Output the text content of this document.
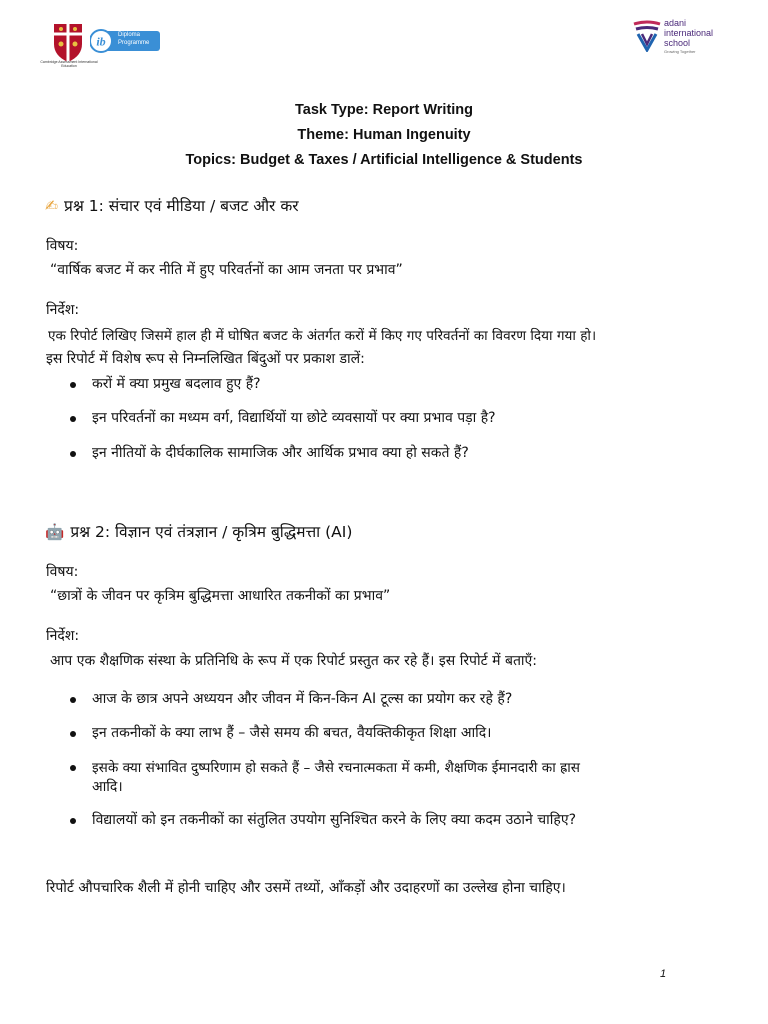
Cambridge Assessment International Education
ib Diploma Programme
adani
international
school
Growing Together
Task Type: Report Writing
Theme: Human Ingenuity
Topics: Budget & Taxes / Artificial Intelligence & Students
✍ प्रश्न 1: संचार एवं मीडिया / बजट और कर
विषय:
“वार्षिक बजट में कर नीति में हुए परिवर्तनों का आम जनता पर प्रभाव”
निर्देश:
एक रिपोर्ट लिखिए जिसमें हाल ही में घोषित बजट के अंतर्गत करों में किए गए परिवर्तनों का विवरण दिया गया हो।
इस रिपोर्ट में विशेष रूप से निम्नलिखित बिंदुओं पर प्रकाश डालें:
करों में क्या प्रमुख बदलाव हुए हैं?
इन परिवर्तनों का मध्यम वर्ग, विद्यार्थियों या छोटे व्यवसायों पर क्या प्रभाव पड़ा है?
इन नीतियों के दीर्घकालिक सामाजिक और आर्थिक प्रभाव क्या हो सकते हैं?
🤖 प्रश्न 2: विज्ञान एवं तंत्रज्ञान / कृत्रिम बुद्धिमत्ता (AI)
विषय:
“छात्रों के जीवन पर कृत्रिम बुद्धिमत्ता आधारित तकनीकों का प्रभाव”
निर्देश:
आप एक शैक्षणिक संस्था के प्रतिनिधि के रूप में एक रिपोर्ट प्रस्तुत कर रहे हैं। इस रिपोर्ट में बताएँ:
आज के छात्र अपने अध्ययन और जीवन में किन-किन AI टूल्स का प्रयोग कर रहे हैं?
इन तकनीकों के क्या लाभ हैं – जैसे समय की बचत, वैयक्तिकीकृत शिक्षा आदि।
इसके क्या संभावित दुष्परिणाम हो सकते हैं – जैसे रचनात्मकता में कमी, शैक्षणिक ईमानदारी का ह्रास
आदि।
विद्यालयों को इन तकनीकों का संतुलित उपयोग सुनिश्चित करने के लिए क्या कदम उठाने चाहिए?
रिपोर्ट औपचारिक शैली में होनी चाहिए और उसमें तथ्यों, आँकड़ों और उदाहरणों का उल्लेख होना चाहिए।
1
